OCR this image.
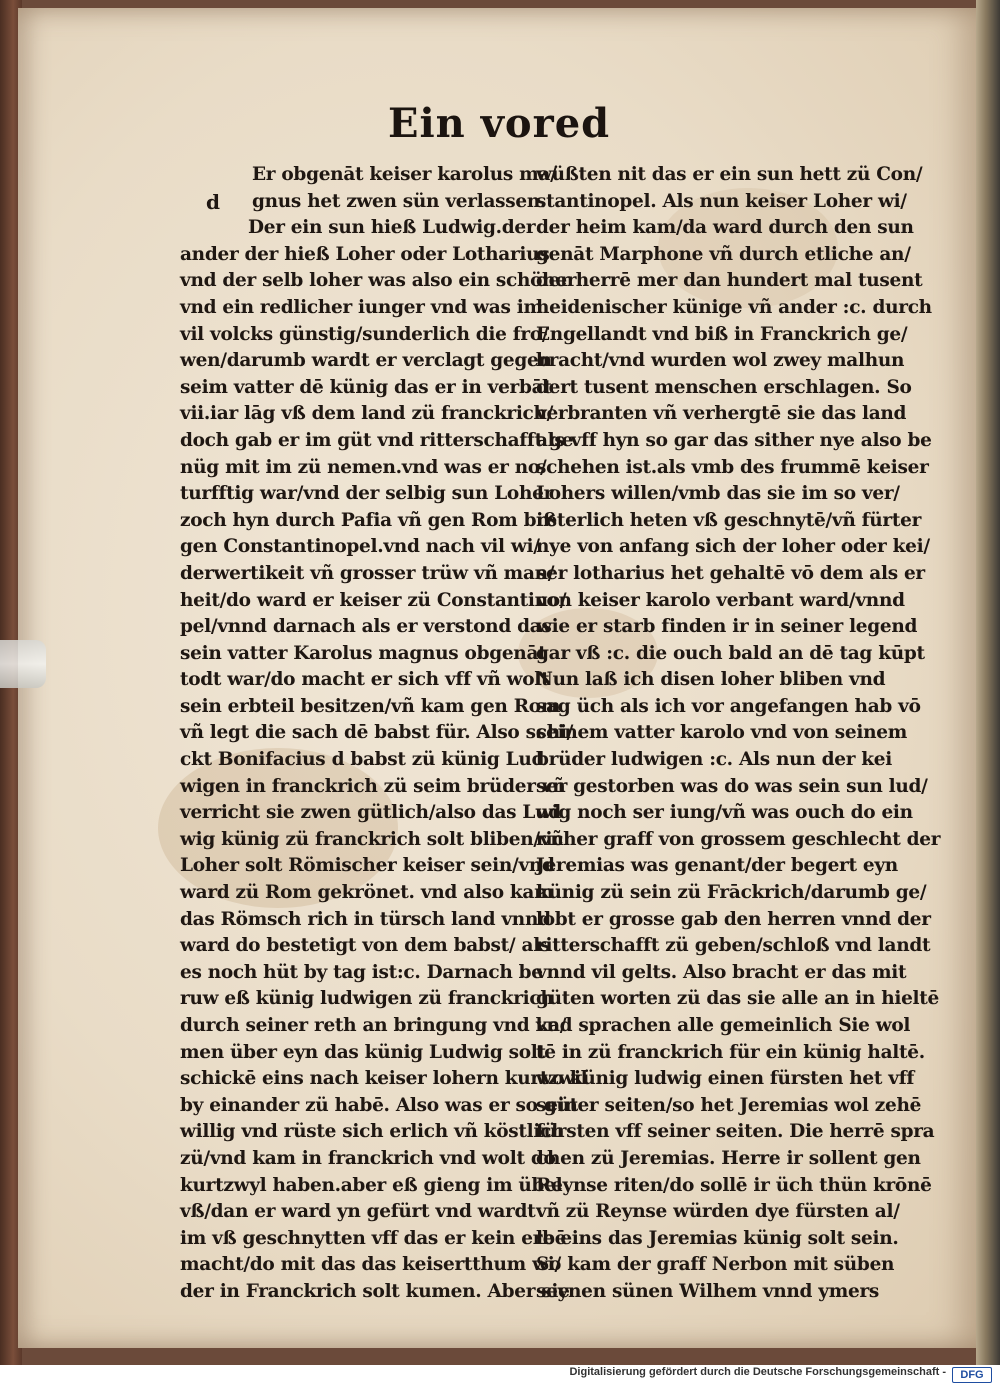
Ein vored
d
Er obgenāt keiser karolus ma/
gnus het zwen sün verlassen.
Der ein sun hieß Ludwig.der
ander der hieß Loher oder Lotharius
vnd der selb loher was also ein schöner
vnd ein redlicher iunger vnd was im
vil volcks günstig/sunderlich die fro/
wen/darumb wardt er verclagt gegen
seim vatter dē künig das er in verbāt
vii.iar lāg vß dem land zü franckrich/
doch gab er im güt vnd ritterschafft ge
nüg mit im zü nemen.vnd was er no/
turfftig war/vnd der selbig sun Loher
zoch hyn durch Pafia vñ gen Rom biß
gen Constantinopel.vnd nach vil wi/
derwertikeit vñ grosser trüw vñ man/
heit/do ward er keiser zü Constantino/
pel/vnnd darnach als er verstond das
sein vatter Karolus magnus obgenāt
todt war/do macht er sich vff vñ wolt
sein erbteil besitzen/vñ kam gen Rom
vñ legt die sach dē babst für. Also schi/
ckt Bonifacius d babst zü künig Lud
wigen in franckrich zü seim brüder vñ
verricht sie zwen gütlich/also das Lud
wig künig zü franckrich solt bliben/vñ
Loher solt Römischer keiser sein/vnd
ward zü Rom gekrönet. vnd also kam
das Römsch rich in türsch land vnnd
ward do bestetigt von dem babst/ als
es noch hüt by tag ist:c. Darnach be
ruw eß künig ludwigen zü franckrich
durch seiner reth an bringung vnd ka/
men über eyn das künig Ludwig solt
schickē eins nach keiser lohern kurtzwil
by einander zü habē. Also was er so güt
willig vnd rüste sich erlich vñ köstlich
zü/vnd kam in franckrich vnd wolt do
kurtzwyl haben.aber eß gieng im übel
vß/dan er ward yn gefürt vnd wardt
im vß geschnytten vff das er kein erbē
macht/do mit das das keisertthum wi/
der in Franckrich solt kumen. Aber sie
wüßten nit das er ein sun hett zü Con/
stantinopel. Als nun keiser Loher wi/
der heim kam/da ward durch den sun
genāt Marphone vñ durch etliche an/
der herrē mer dan hundert mal tusent
heidenischer künige vñ ander :c. durch
Engellandt vnd biß in Franckrich ge/
bracht/vnd wurden wol zwey malhun
dert tusent menschen erschlagen. So
verbranten vñ verhergtē sie das land
als vff hyn so gar das sither nye also be
schehen ist.als vmb des frummē keiser
Lohers willen/vmb das sie im so ver/
reterlich heten vß geschnytē/vñ fürter
nye von anfang sich der loher oder kei/
ser lotharius het gehaltē vō dem als er
von keiser karolo verbant ward/vnnd
wie er starb finden ir in seiner legend
gar vß :c. die ouch bald an dē tag kūpt
Nun laß ich disen loher bliben vnd
sag üch als ich vor angefangen hab vō
seinem vatter karolo vnd von seinem
brüder ludwigen :c. Als nun der kei
ser gestorben was do was sein sun lud/
wig noch ser iung/vñ was ouch do ein
richer graff von grossem geschlecht der
Jeremias was genant/der begert eyn
künig zü sein zü Frāckrich/darumb ge/
lobt er grosse gab den herren vnnd der
ritterschafft zü geben/schloß vnd landt
vnnd vil gelts. Also bracht er das mit
güten worten zü das sie alle an in hieltē
vnd sprachen alle gemeinlich Sie wol
tē in zü franckrich für ein künig haltē.
wo künig ludwig einen fürsten het vff
seiner seiten/so het Jeremias wol zehē
fürsten vff seiner seiten. Die herrē spra
chen zü Jeremias. Herre ir sollent gen
Reynse riten/do sollē ir üch thün krōnē
vñ zü Reynse würden dye fürsten al/
le eins das Jeremias künig solt sein.
So kam der graff Nerbon mit süben
seynen sünen Wilhem vnnd ymers
Digitalisierung gefördert durch die Deutsche Forschungsgemeinschaft -	DFG
